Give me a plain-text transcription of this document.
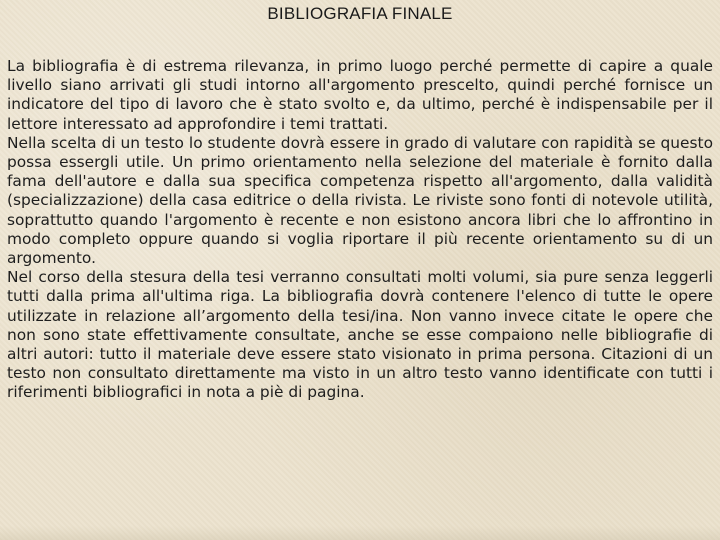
BIBLIOGRAFIA FINALE

La bibliografia è di estrema rilevanza, in primo luogo perché permette di capire a quale livello siano arrivati gli studi intorno all'argomento prescelto, quindi perché fornisce un indicatore del tipo di lavoro che è stato svolto e, da ultimo, perché è indispensabile per il lettore interessato ad approfondire i temi trattati.

Nella scelta di un testo lo studente dovrà essere in grado di valutare con rapidità se questo possa essergli utile. Un primo orientamento nella selezione del materiale è fornito dalla fama dell'autore e dalla sua specifica competenza rispetto all'argomento, dalla validità (specializzazione) della casa editrice o della rivista. Le riviste sono fonti di notevole utilità, soprattutto quando l'argomento è recente e non esistono ancora libri che lo affrontino in modo completo oppure quando si voglia riportare il più recente orientamento su di un argomento.

Nel corso della stesura della tesi verranno consultati molti volumi, sia pure senza leggerli tutti dalla prima all'ultima riga. La bibliografia dovrà contenere l'elenco di tutte le opere utilizzate in relazione all’argomento della tesi/ina. Non vanno invece citate le opere che non sono state effettivamente consultate, anche se esse compaiono nelle bibliografie di altri autori: tutto il materiale deve essere stato visionato in prima persona. Citazioni di un testo non consultato direttamente ma visto in un altro testo vanno identificate con tutti i riferimenti bibliografici in nota a piè di pagina.
